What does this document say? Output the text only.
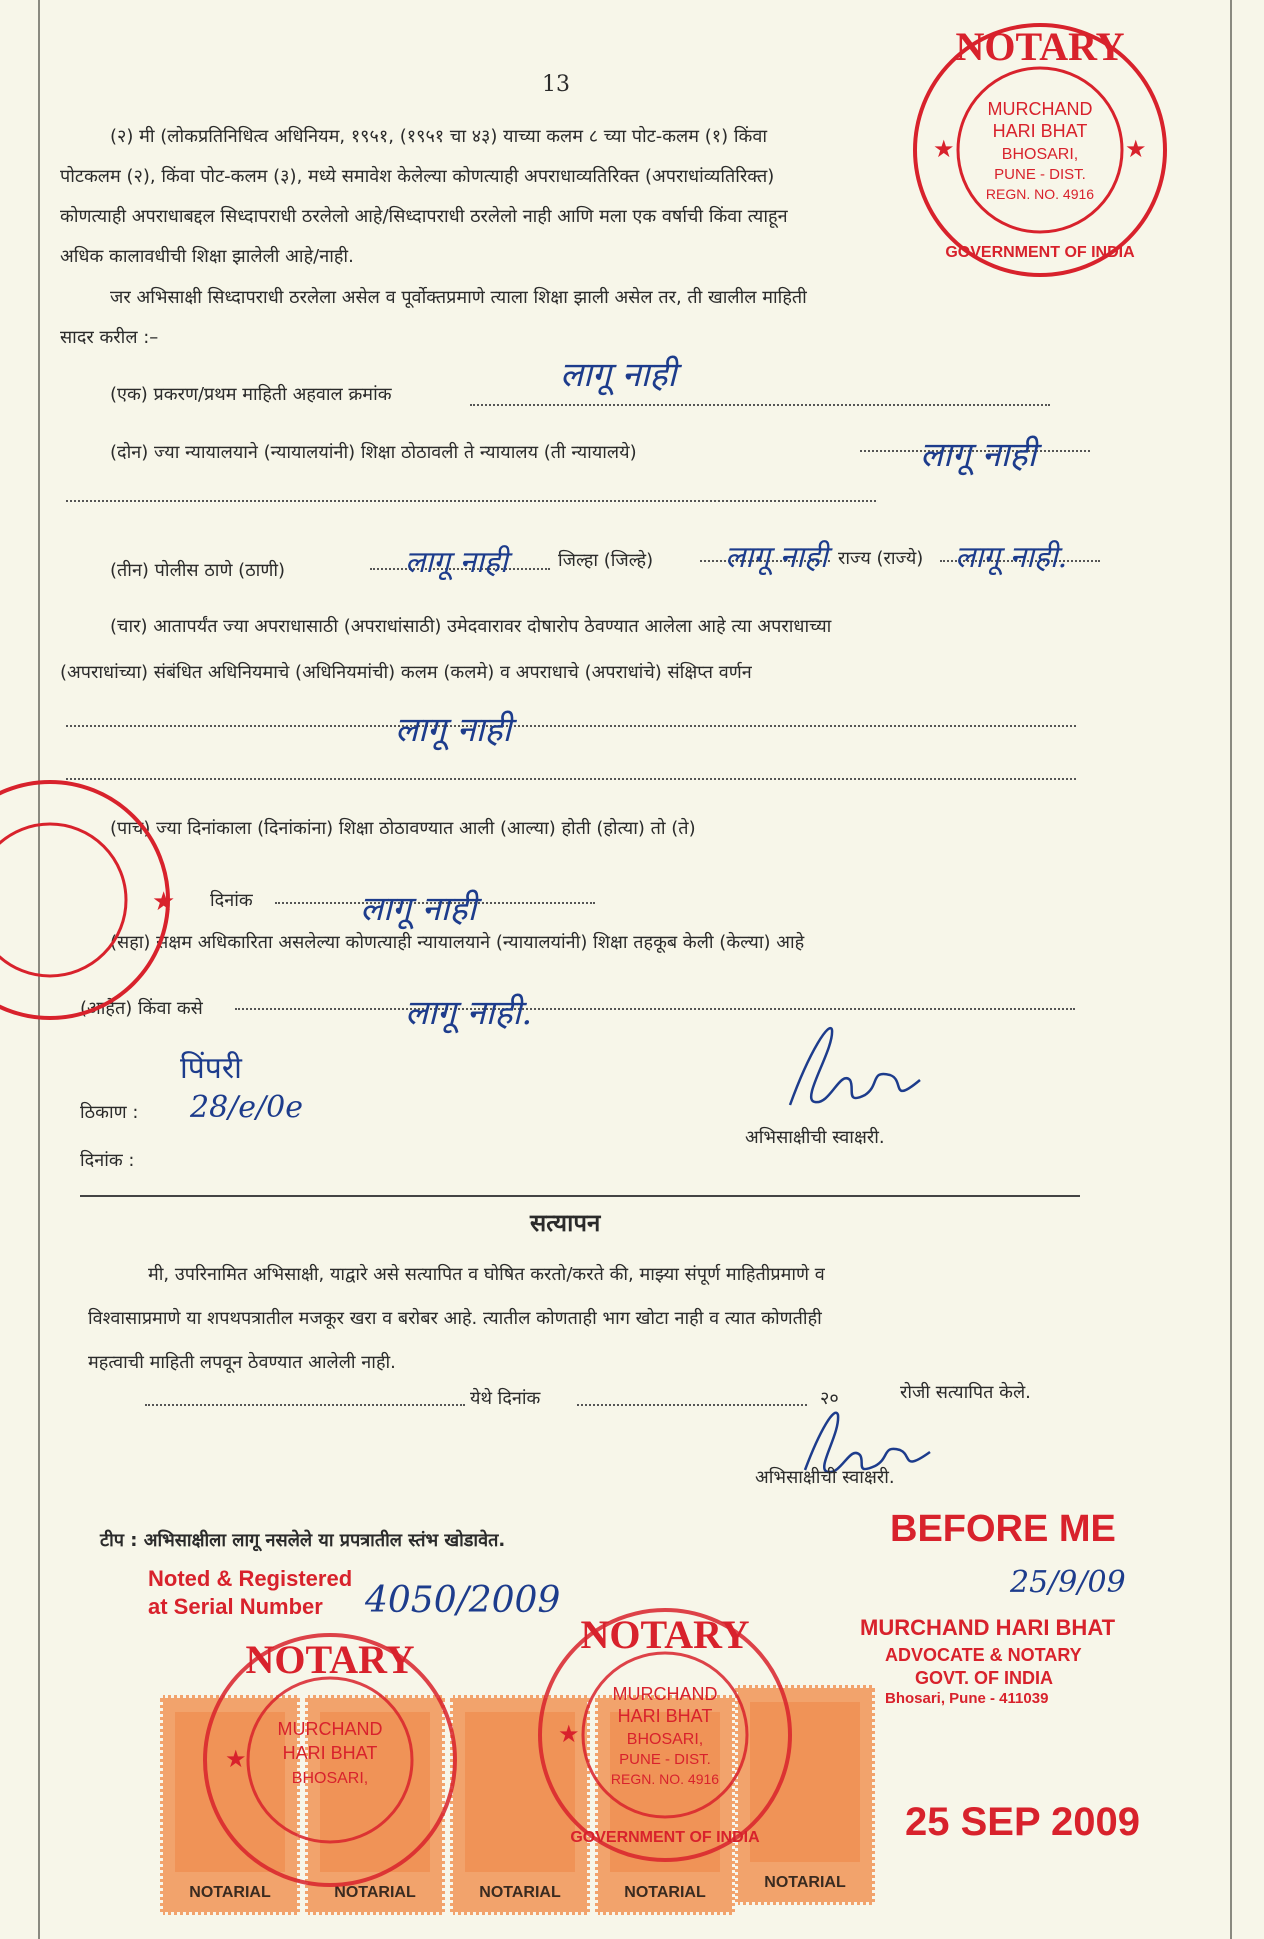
13
(२) मी (लोकप्रतिनिधित्व अधिनियम, १९५१, (१९५१ चा ४३) याच्या कलम ८ च्या पोट-कलम (१) किंवा
पोटकलम (२), किंवा पोट-कलम (३), मध्ये समावेश केलेल्या कोणत्याही अपराधाव्यतिरिक्त (अपराधांव्यतिरिक्त)
कोणत्याही अपराधाबद्दल सिध्दापराधी ठरलेलो आहे/सिध्दापराधी ठरलेलो नाही आणि मला एक वर्षाची किंवा त्याहून
अधिक कालावधीची शिक्षा झालेली आहे/नाही.
जर अभिसाक्षी सिध्दापराधी ठरलेला असेल व पूर्वोक्तप्रमाणे त्याला शिक्षा झाली असेल तर, ती खालील माहिती
सादर करील :–
(एक) प्रकरण/प्रथम माहिती अहवाल क्रमांक	लागू नाही
(दोन) ज्या न्यायालयाने (न्यायालयांनी) शिक्षा ठोठावली ते न्यायालय (ती न्यायालये)	लागू नाही
(तीन) पोलीस ठाणे (ठाणी)	लागू नाही	जिल्हा (जिल्हे) लागू नाही राज्य (राज्ये) लागू नाही.
(चार) आतापर्यंत ज्या अपराधासाठी (अपराधांसाठी) उमेदवारावर दोषारोप ठेवण्यात आलेला आहे त्या अपराधाच्या
(अपराधांच्या) संबंधित अधिनियमाचे (अधिनियमांची) कलम (कलमे) व अपराधाचे (अपराधांचे) संक्षिप्त वर्णन
लागू नाही
(पाच) ज्या दिनांकाला (दिनांकांना) शिक्षा ठोठावण्यात आली (आल्या) होती (होत्या) तो (ते)
दिनांक	लागू नाही
(सहा) सक्षम अधिकारिता असलेल्या कोणत्याही न्यायालयाने (न्यायालयांनी) शिक्षा तहकूब केली (केल्या) आहे
(आहेत) किंवा कसे	लागू नाही.
पिंपरी
ठिकाण : 28/e/0e
दिनांक :
अभिसाक्षीची स्वाक्षरी.
सत्यापन
मी, उपरिनामित अभिसाक्षी, याद्वारे असे सत्यापित व घोषित करतो/करते की, माझ्या संपूर्ण माहितीप्रमाणे व
विश्वासाप्रमाणे या शपथपत्रातील मजकूर खरा व बरोबर आहे. त्यातील कोणताही भाग खोटा नाही व त्यात कोणतीही
महत्वाची माहिती लपवून ठेवण्यात आलेली नाही.
येथे दिनांक	२०	रोजी सत्यापित केले.
अभिसाक्षीची स्वाक्षरी.
टीप : अभिसाक्षीला लागू नसलेले या प्रपत्रातील स्तंभ खोडावेत.
Noted & Registered
at Serial Number 4050/2009
BEFORE ME
25/9/09
MURCHAND HARI BHAT
ADVOCATE & NOTARY
GOVT. OF INDIA
Bhosari, Pune - 411039
25 SEP 2009
NOTARIAL	NOTARIAL	NOTARIAL	NOTARIAL
NOTARIAL
NOTARY
MURCHAND
HARI BHAT
BHOSARI,
PUNE - DIST.
REGN. NO. 4916
GOVERNMENT OF INDIA
★	★
★
NOTARY
MURCHAND
HARI BHAT
BHOSARI,
★
NOTARY
MURCHAND
HARI BHAT
BHOSARI,
PUNE - DIST.
REGN. NO. 4916
GOVERNMENT OF INDIA
★
